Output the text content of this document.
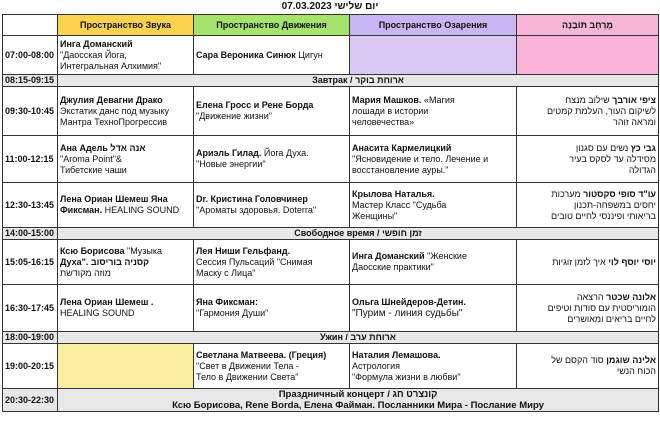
07.03.2023 יום שלישי
	Пространство Звука	Пространство Движения	Пространство Озарения	מֶרְחָב תּוֹבָנָה
07:00-08:00	Инга Доманский
"Даосская Йога,
Интегральная Алхимия"	Сара Вероника Синюк Цигун		
08:15-09:15	Завтрак / ארוחת בוקר			
09:30-10:45	Джулия Девагни Драко
Экстатик данс под музыку
Мантра ТехноПрогрессив	Елена Гросс и Рене Борда
"Движение жизни"	Мария Машков. «Магия
лошади в истории
человечества»	ציפי אורבך שילוב מנצח
לשיקום העור, העלמת קמטים
ומראה זוהר

11:00-12:15	Ана Адель אנה אדל
"Aroma Point"&
Тибетские чаши	Ариэль Гилад. Йога Духа.
"Новые энергии"	Анасита Кармелицкий
"Ясновидение и тело. Лечение и
восстановление ауры."	גבי כץ נשים עם סגנון
מסידלה עד לסקס בעיר
הגדולה

12:30-13:45	Лена Ориан Шемеш Яна
Фиксман. HEALING SOUND	Dr. Кристина Головчинер
"Ароматы здоровья. Doterra"	Крылова Наталья.
Мастер Класс "Судьба
Женщины"	עו"ד סופי סקסטור מערכות
יחסים במשפחה-תכנון
בריאותי ופיננסי לחיים טובים

14:00-15:00	Свободное время / זמן חופשי			
15:05-16:15	Ксю Борисова "Музыка
Духа". קסניה בוריסוב
מוזה מקודשת	Лея Ниши Гельфанд.
Сессия Пульсаций "Снимая
Маску с Лица"	Инга Доманский "Женские
Даосские практики"	יוסי יוסף לוי איך לזמן זוגיות

16:30-17:45	Лена Ориан Шемеш .
HEALING SOUND	Яна Фиксман:
"Гармония Души"	Ольга Шнейдеров-Детин.
"Пурим - линия судьбы"	אלונה שכטר הרצאה
הומוריסטית עם סודות וטיפים
לחיים בריאים ומאושרים

18:00-19:00	Ужин / ארוחת ערב			
19:00-20:15		Светлана Матвеева. (Греция)
"Свет в Движении Тела -
Тело в Движении Света"	Наталия Лемашова.
Астрология
"Формула жизни в любви"	אלינה שוגמן סוד הקסם של
הכוח הנשי

20:30-22:30	Праздничный концерт / קונצרט חג
Ксю Борисова, Rene Borda, Елена Файман. Посланники Мира - Послание Миру			
